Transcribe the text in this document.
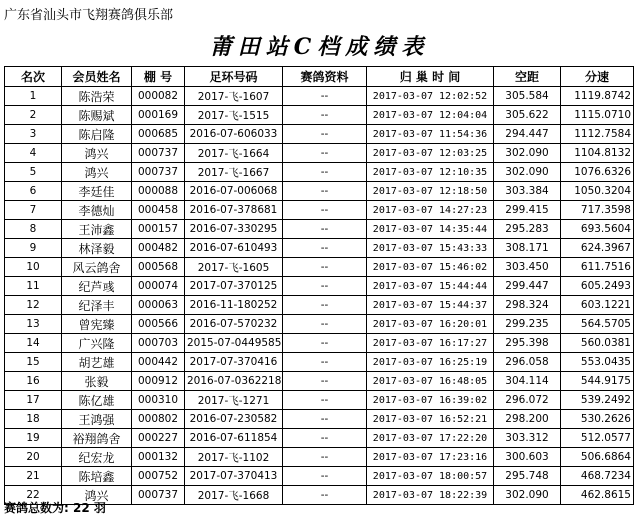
广东省汕头市飞翔赛鸽俱乐部
莆田站C档成绩表
名次	会员姓名	棚 号	足环号码	赛鸽资料	归 巢 时 间	空距	分速
1	陈浩荣	000082	2017-飞-1607	--	2017-03-07 12:02:52	305.584	1119.8742
2	陈赐斌	000169	2017-飞-1515	--	2017-03-07 12:04:04	305.622	1115.0710
3	陈启隆	000685	2016-07-606033	--	2017-03-07 11:54:36	294.447	1112.7584
4	鸿兴	000737	2017-飞-1664	--	2017-03-07 12:03:25	302.090	1104.8132
5	鸿兴	000737	2017-飞-1667	--	2017-03-07 12:10:35	302.090	1076.6326
6	李廷佳	000088	2016-07-006068	--	2017-03-07 12:18:50	303.384	1050.3204
7	李德灿	000458	2016-07-378681	--	2017-03-07 14:27:23	299.415	717.3598
8	王沛鑫	000157	2016-07-330295	--	2017-03-07 14:35:44	295.283	693.5604
9	林泽毅	000482	2016-07-610493	--	2017-03-07 15:43:33	308.171	624.3967
10	风云鸽舍	000568	2017-飞-1605	--	2017-03-07 15:46:02	303.450	611.7516
11	纪芦彧	000074	2017-07-370125	--	2017-03-07 15:44:44	299.447	605.2493
12	纪泽丰	000063	2016-11-180252	--	2017-03-07 15:44:37	298.324	603.1221
13	曾宪臻	000566	2016-07-570232	--	2017-03-07 16:20:01	299.235	564.5705
14	广兴隆	000703	2015-07-0449585	--	2017-03-07 16:17:27	295.398	560.0381
15	胡艺雄	000442	2017-07-370416	--	2017-03-07 16:25:19	296.058	553.0435
16	张毅	000912	2016-07-0362218	--	2017-03-07 16:48:05	304.114	544.9175
17	陈亿雄	000310	2017-飞-1271	--	2017-03-07 16:39:02	296.072	539.2492
18	王鸿强	000802	2016-07-230582	--	2017-03-07 16:52:21	298.200	530.2626
19	裕翔鸽舍	000227	2016-07-611854	--	2017-03-07 17:22:20	303.312	512.0577
20	纪宏龙	000132	2017-飞-1102	--	2017-03-07 17:23:16	300.603	506.6864
21	陈培鑫	000752	2017-07-370413	--	2017-03-07 18:00:57	295.748	468.7234
22	鸿兴	000737	2017-飞-1668	--	2017-03-07 18:22:39	302.090	462.8615
赛鸽总数为: 22 羽
